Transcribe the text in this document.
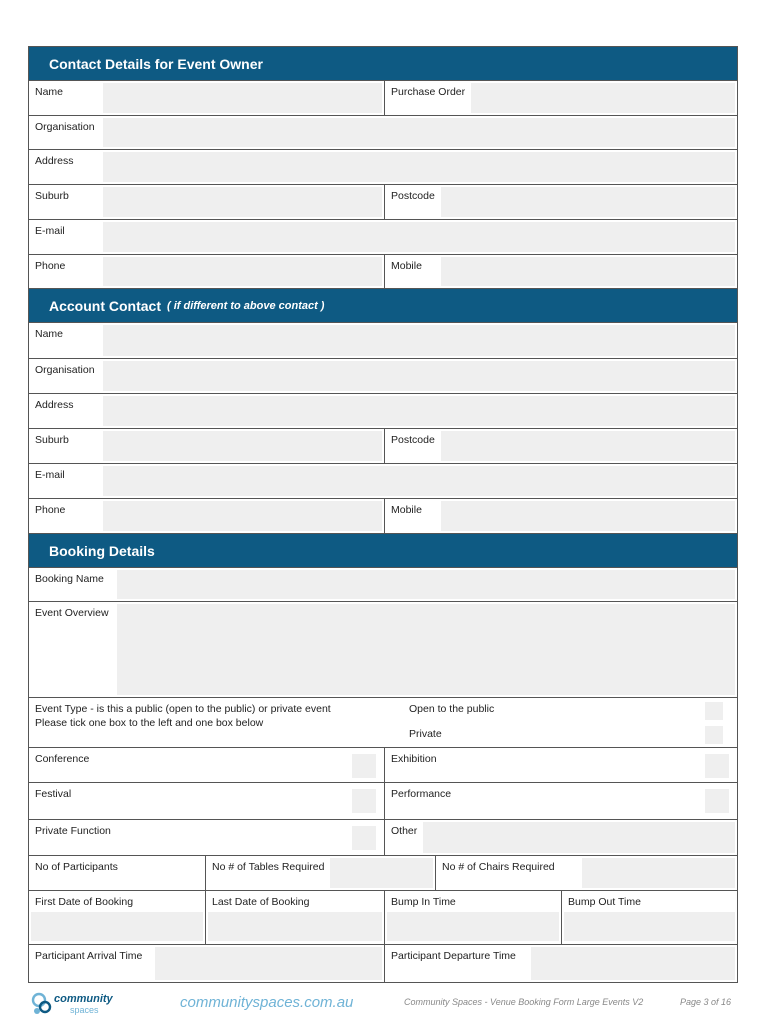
Contact Details for Event Owner
Name	Purchase Order
Organisation
Address
Suburb	Postcode
E-mail
Phone	Mobile
Account Contact ( if different to above contact )
Name
Organisation
Address
Suburb	Postcode
E-mail
Phone	Mobile
Booking Details
Booking Name
Event Overview
Event Type - is this a public (open to the public) or private event
Please tick one box to the left and one box below
Open to the public
Private
Conference	Exhibition
Festival	Performance
Private Function	Other
No of Participants	No # of Tables Required	No # of Chairs Required
First Date of Booking	Last Date of Booking	Bump In Time	Bump Out Time
Participant Arrival Time	Participant Departure Time
community
spaces	communityspaces.com.au	Community Spaces - Venue Booking Form Large Events V2	Page 3 of 16
